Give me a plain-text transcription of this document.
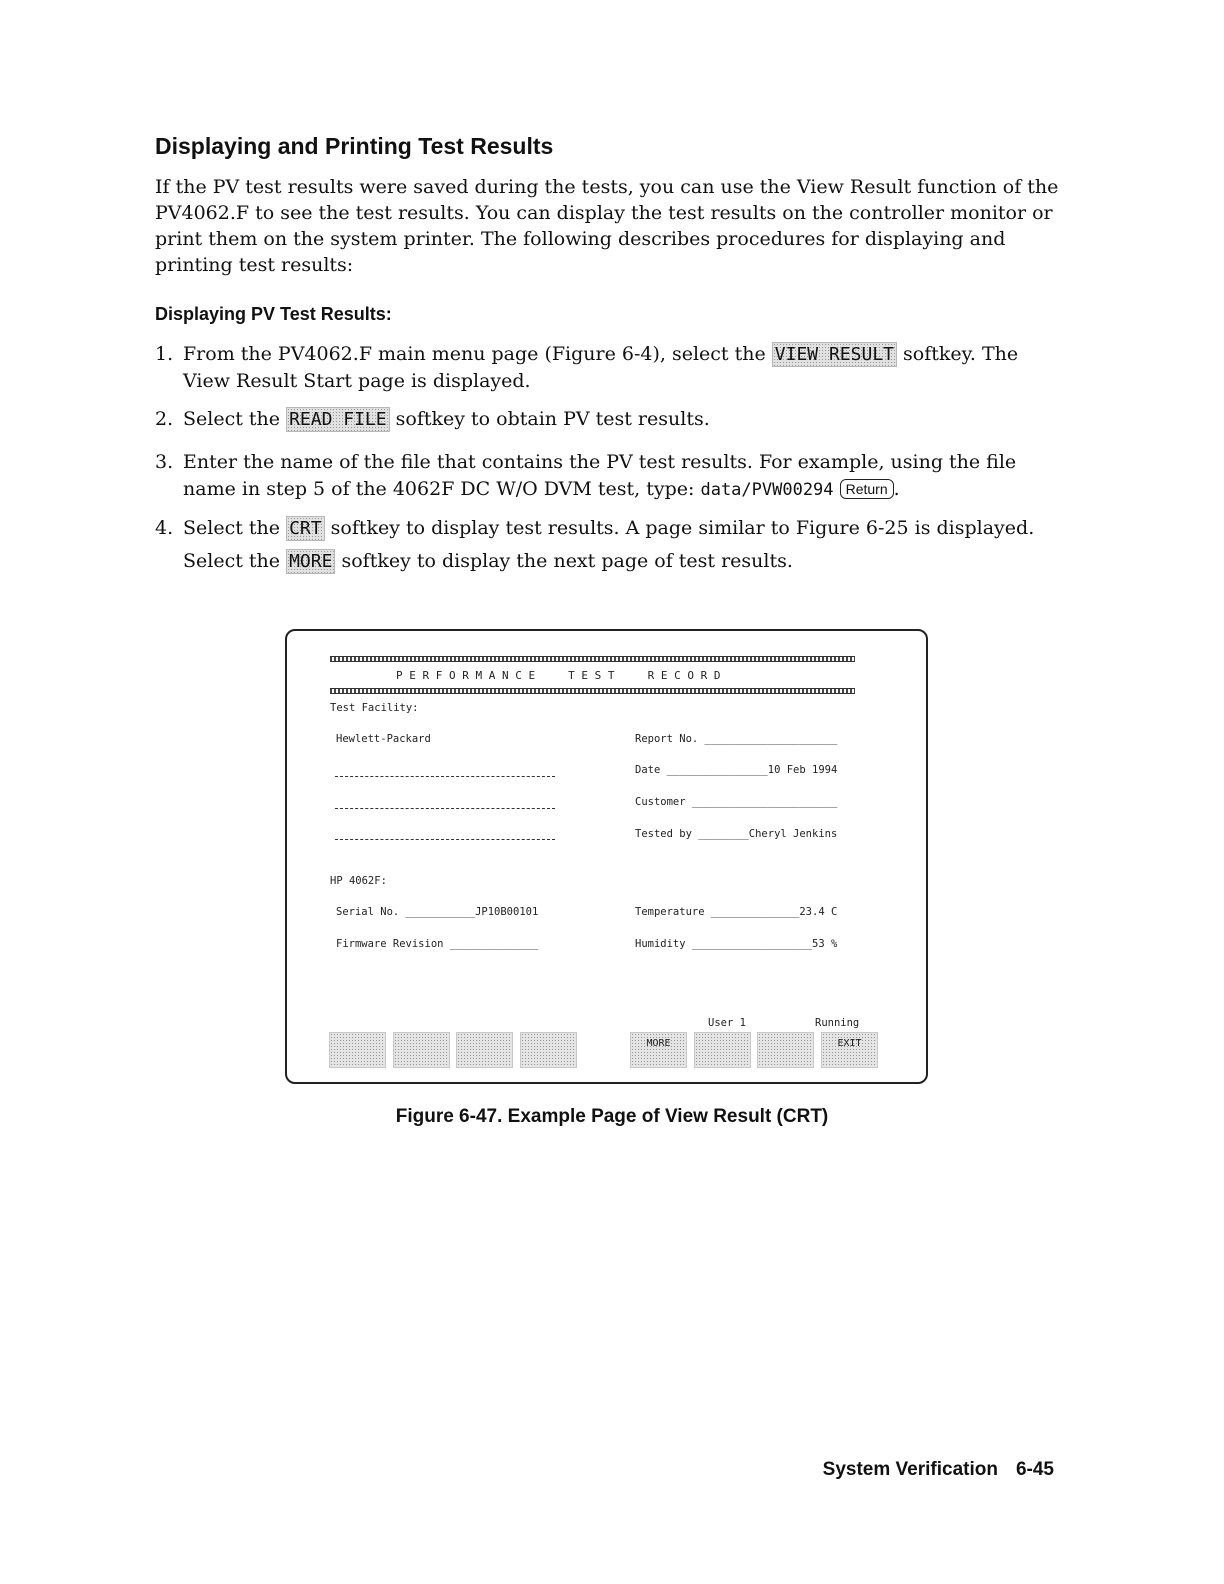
Displaying and Printing Test Results
If the PV test results were saved during the tests, you can use the View Result function of the PV4062.F to see the test results. You can display the test results on the controller monitor or print them on the system printer. The following describes procedures for displaying and printing test results:
Displaying PV Test Results:
1. From the PV4062.F main menu page (Figure 6-4), select the VIEW RESULT softkey. The View Result Start page is displayed.
2. Select the READ FILE softkey to obtain PV test results.
3. Enter the name of the file that contains the PV test results. For example, using the file name in step 5 of the 4062F DC W/O DVM test, type: data/PVW00294 Return .
4. Select the CRT softkey to display test results. A page similar to Figure 6-25 is displayed.
Select the MORE softkey to display the next page of test results.
P E R F O R M A N C E     T E S T     R E C O R D
Test Facility:
Hewlett-Packard	Report No. _____________________
Date ________________10 Feb 1994
Customer _______________________
Tested by ________Cheryl Jenkins
HP 4062F:
Serial No. ___________JP10B00101
Firmware Revision ______________
Temperature ______________23.4 C
Humidity ___________________53 %
User 1	Running
MORE	EXIT
Figure 6-47. Example Page of View Result (CRT)
System Verification 6-45
